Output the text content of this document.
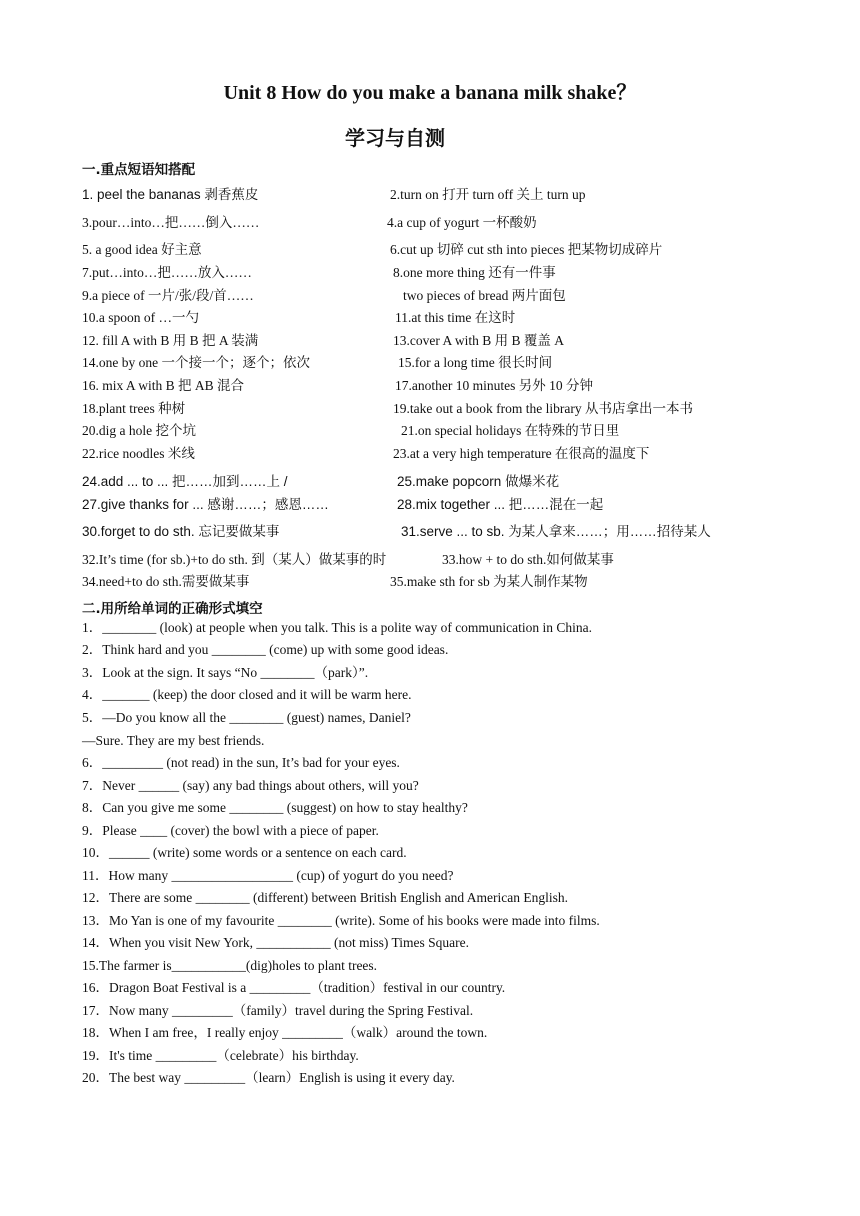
Unit 8 How do you make a banana milk shake？
学习与自测
一.重点短语知搭配
1. peel the bananas 剥香蕉皮	2.turn on 打开 turn off 关上 turn up
3.pour…into…把……倒入……	4.a cup of yogurt 一杯酸奶
5. a good idea 好主意	6.cut up 切碎 cut sth into pieces 把某物切成碎片
7.put…into…把……放入……	8.one more thing 还有一件事
9.a piece of 一片/张/段/首……	two pieces of bread 两片面包
10.a spoon of …一勺	11.at this time 在这时
12. fill A with B 用 B 把 A 装满	13.cover A with B 用 B 覆盖 A
14.one by one 一个接一个；逐个；依次	15.for a long time 很长时间
16. mix A with B 把 AB 混合	17.another 10 minutes 另外 10 分钟
18.plant trees 种树	19.take out a book from the library 从书店拿出一本书
20.dig a hole 挖个坑	21.on special holidays 在特殊的节日里
22.rice noodles 米线	23.at a very high temperature 在很高的温度下
24.add ... to ... 把……加到……上 /	25.make popcorn 做爆米花
27.give thanks for ... 感谢……；感恩……	28.mix together ... 把……混在一起
30.forget to do sth. 忘记要做某事	31.serve ... to sb. 为某人拿来……；用……招待某人
32.It’s time (for sb.)+to do sth. 到（某人）做某事的时	33.how + to do sth.如何做某事
34.need+to do sth.需要做某事	35.make sth for sb 为某人制作某物
二.用所给单词的正确形式填空
1．________ (look) at people when you talk. This is a polite way of communication in China.
2．Think hard and you ________ (come) up with some good ideas.
3．Look at the sign. It says “No ________（park）”.
4．_______ (keep) the door closed and it will be warm here.
5．—Do you know all the ________ (guest) names, Daniel?
—Sure. They are my best friends.
6．_________ (not read) in the sun, It’s bad for your eyes.
7．Never ______ (say) any bad things about others, will you?
8．Can you give me some ________ (suggest) on how to stay healthy?
9．Please ____ (cover) the bowl with a piece of paper.
10．______ (write) some words or a sentence on each card.
11．How many __________________ (cup) of yogurt do you need?
12．There are some ________ (different) between British English and American English.
13．Mo Yan is one of my favourite ________ (write). Some of his books were made into films.
14．When you visit New York, ___________ (not miss) Times Square.
15.The farmer is___________(dig)holes to plant trees.
16．Dragon Boat Festival is a _________（tradition）festival in our country.
17．Now many _________（family）travel during the Spring Festival.
18．When I am free，I really enjoy _________（walk）around the town.
19．It's time _________（celebrate）his birthday.
20．The best way _________（learn）English is using it every day.
